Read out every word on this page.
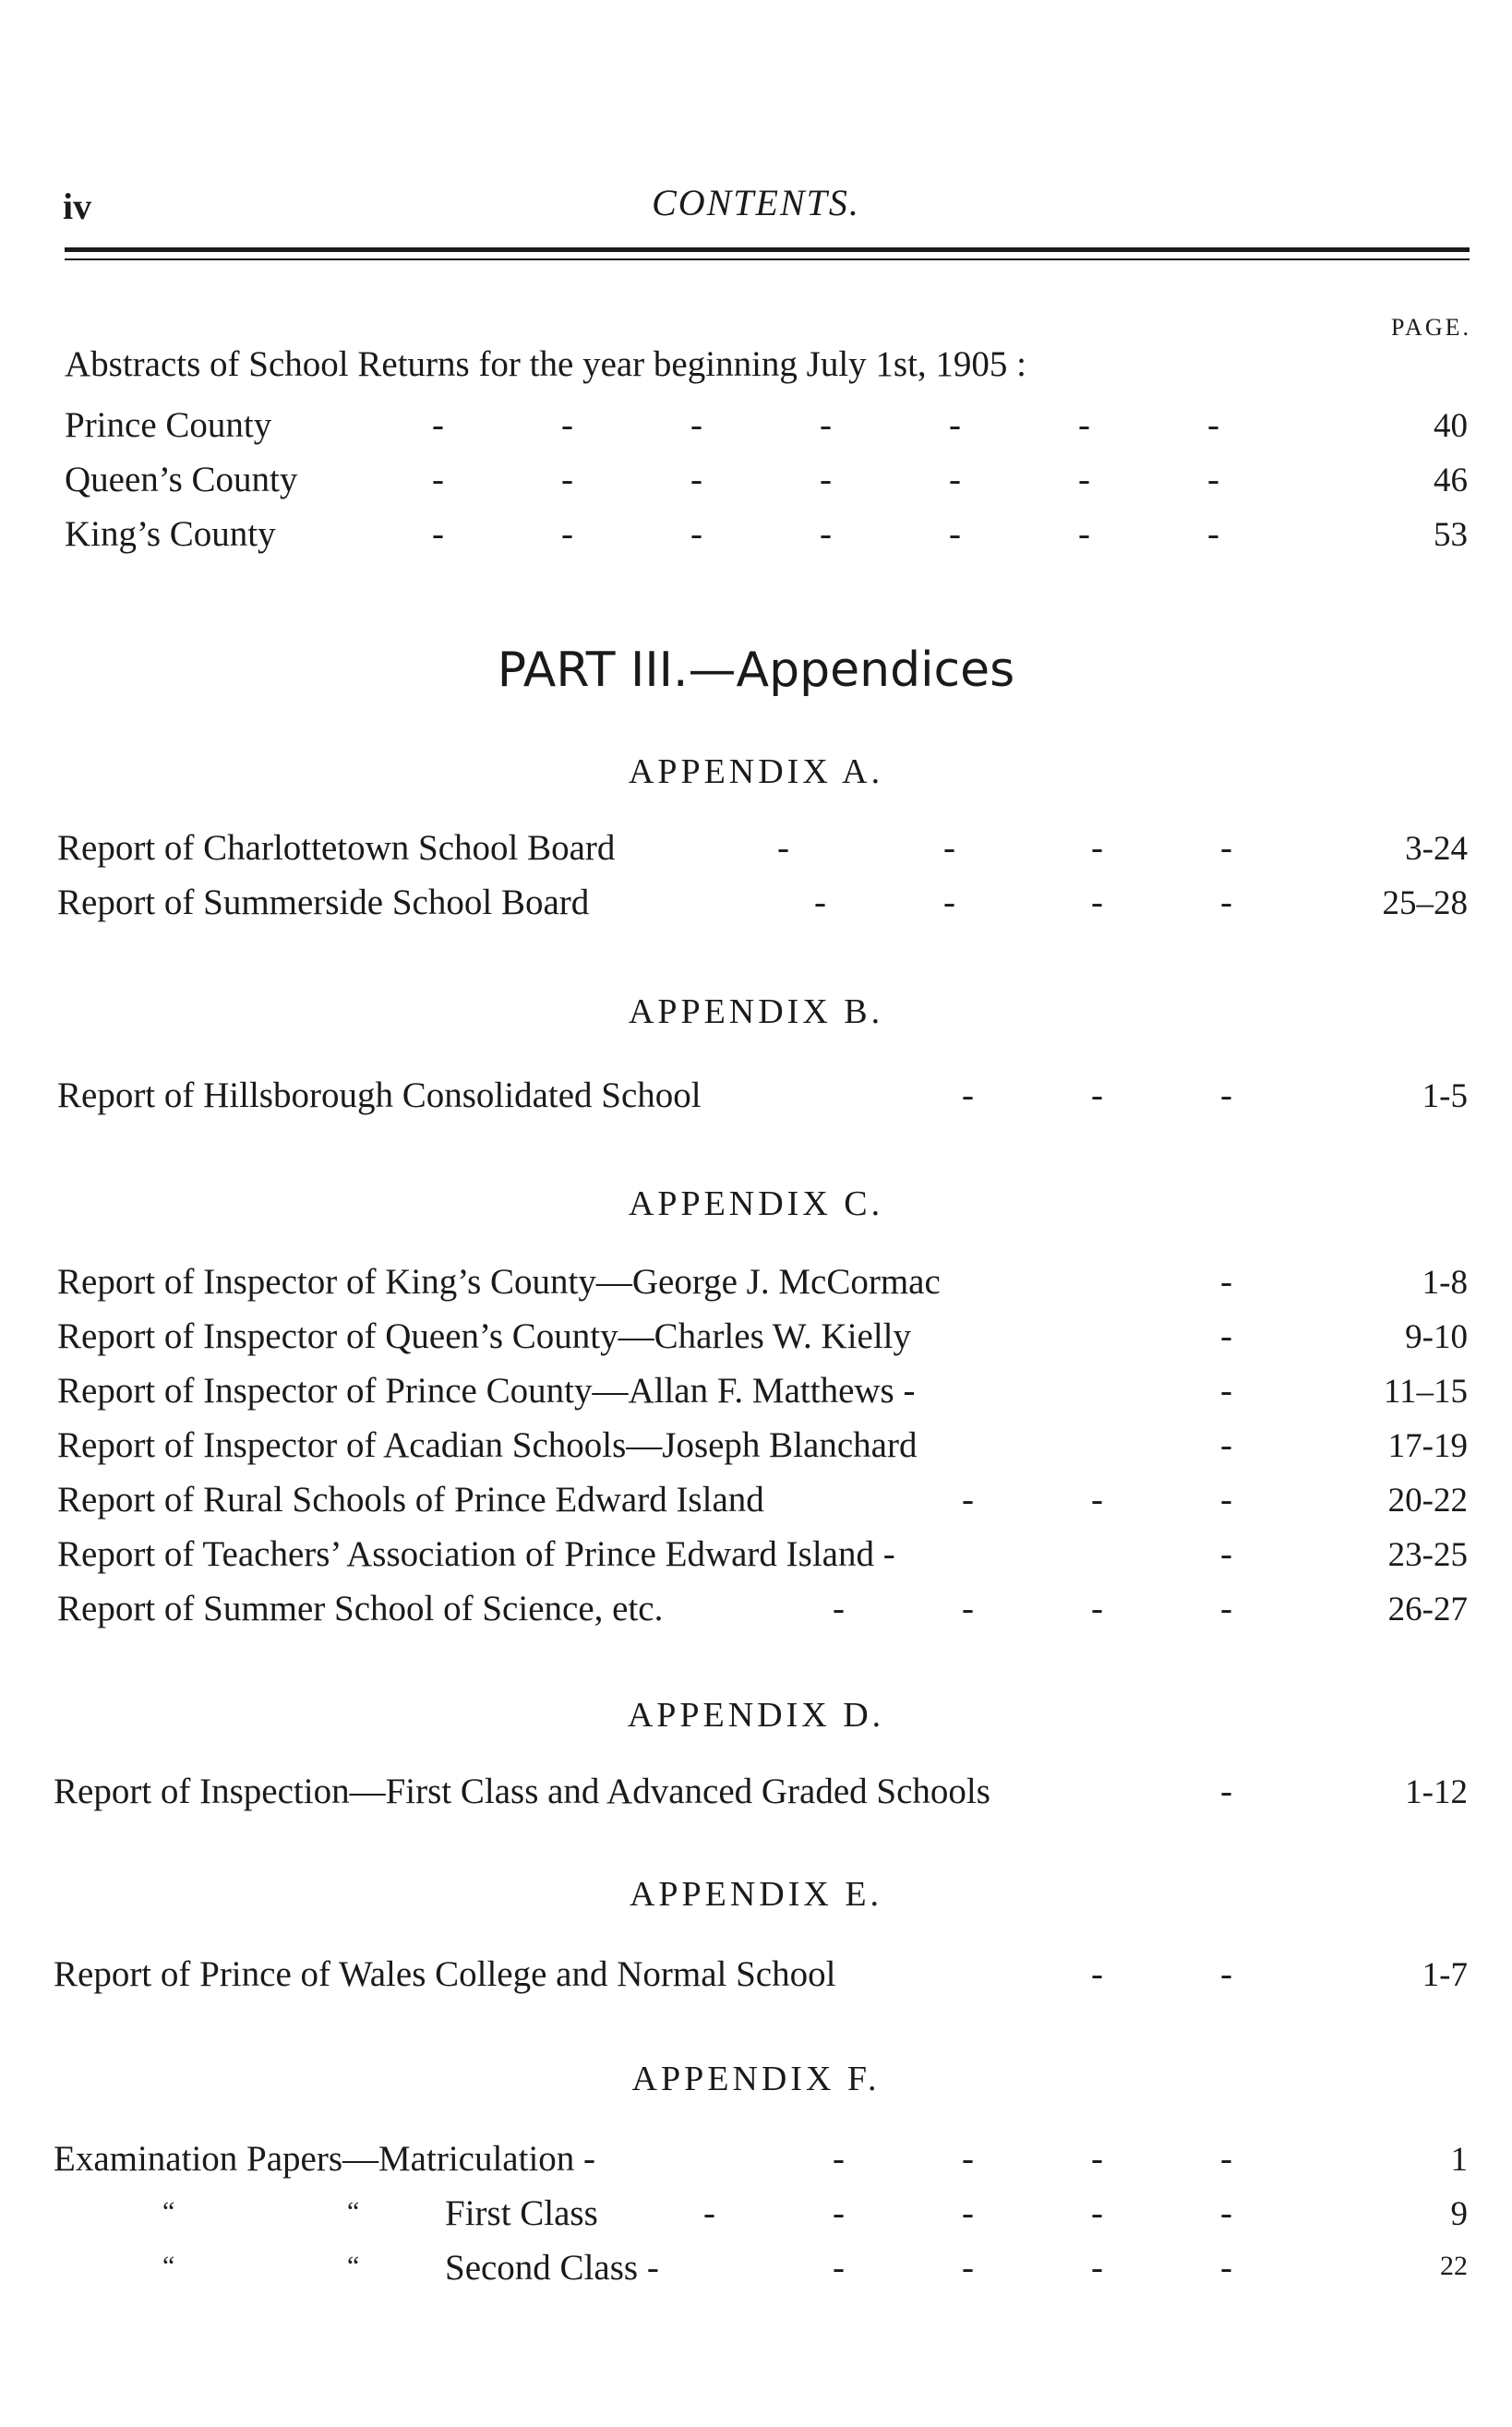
iv	CONTENTS.
PAGE.
Abstracts of School Returns for the year beginning July 1st, 1905 :
Prince County	-	-	-	-	-	-	-	40
Queen’s County	-	-	-	-	-	-	-	46
King’s County	-	-	-	-	-	-	-	53
PART III.—Appendices
APPENDIX A.
Report of Charlottetown School Board	-	-	-	-	3-24
Report of Summerside School Board	-	-	-	-	25–28
APPENDIX B.
Report of Hillsborough Consolidated School	-	-	-	1-5
APPENDIX C.
Report of Inspector of King’s County—George J. McCormac	-	1-8
Report of Inspector of Queen’s County—Charles W. Kielly	-	9-10
Report of Inspector of Prince County—Allan F. Matthews -	-	11–15
Report of Inspector of Acadian Schools—Joseph Blanchard	-	17-19
Report of Rural Schools of Prince Edward Island	-	-	-	20-22
Report of Teachers’ Association of Prince Edward Island -	-	23-25
Report of Summer School of Science, etc.	-	-	-	-	26-27
APPENDIX D.
Report of Inspection—First Class and Advanced Graded Schools	-	1-12
APPENDIX E.
Report of Prince of Wales College and Normal School	-	-	1-7
APPENDIX F.
Examination Papers—Matriculation -	-	-	-	-	1
“	“ First Class	-	-	-	-	-	9
“	“ Second Class -	-	-	-	-	22
